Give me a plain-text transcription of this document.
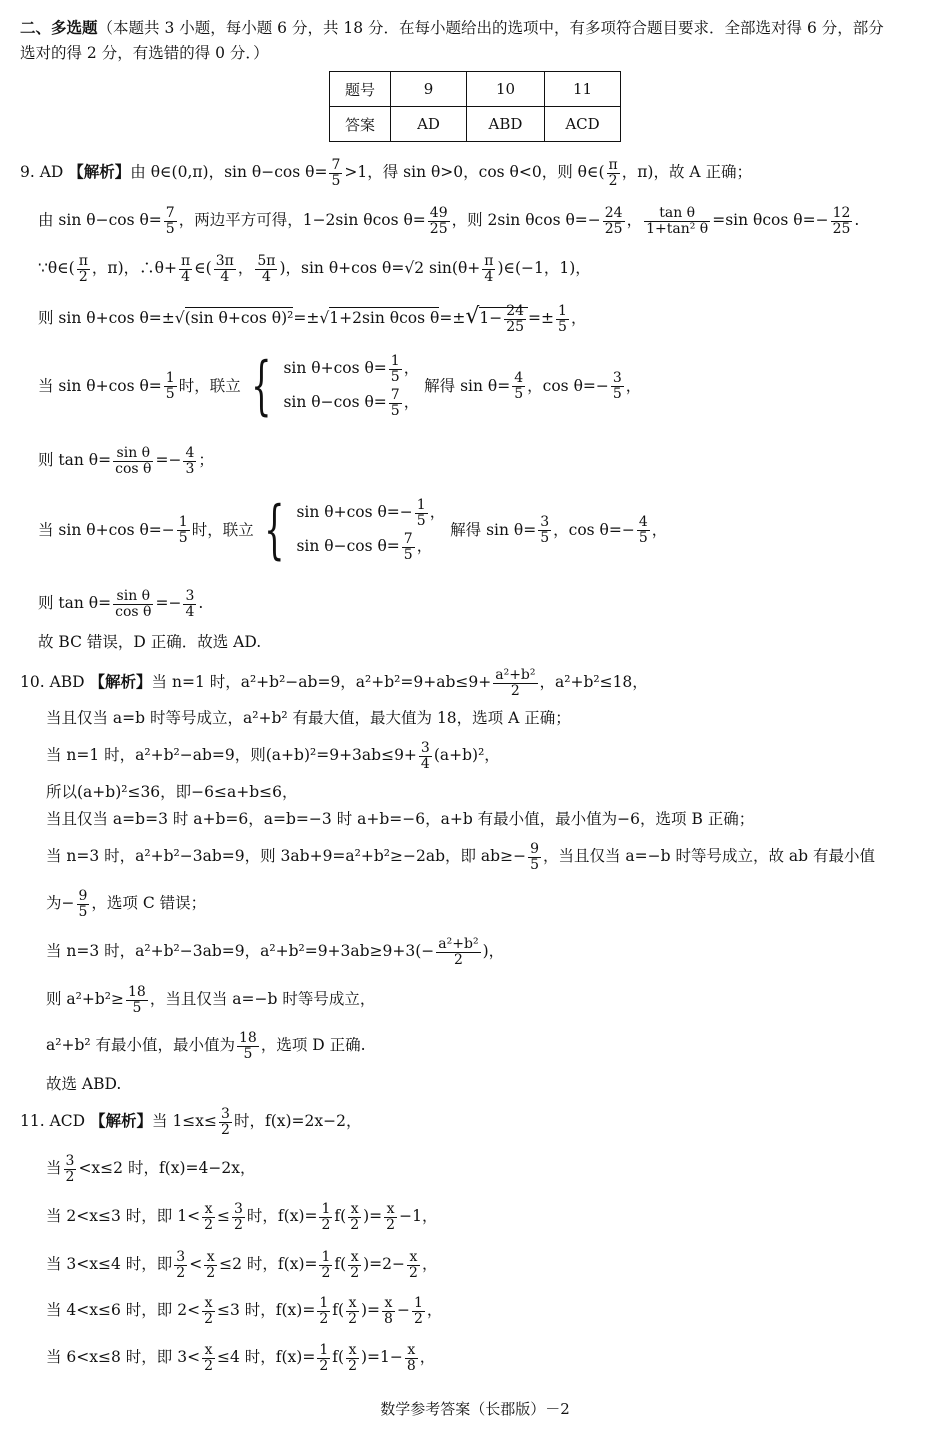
二、多选题（本题共 3 小题，每小题 6 分，共 18 分．在每小题给出的选项中，有多项符合题目要求．全部选对得 6 分，部分
选对的得 2 分，有选错的得 0 分．）
题号	9	10	11
答案	AD	ABD	ACD
9. AD 【解析】由 θ∈(0,π)，sin θ−cos $\theta= \frac{7}{5} >1$，得 sin θ>0，cos θ<0，则 θ∈( $\frac{\pi}{2}$ ，π)，故 A 正确；
由 sin θ−cos $\theta= \frac{7}{5}$ ，两边平方可得，1−2sin θcos $\theta= \frac{49}{25}$ ，则 2sin θcos $\theta=- \frac{24}{25}$ ， $\frac{\text{tan θ}}{\text{1+tan² θ}} =\sin$ θcos $\theta=- \frac{12}{25}$ .
∵θ∈( $\frac{\pi}{2}$ ，π)，∴θ+ $\frac{\pi}{4}$ ∈( $\frac{3\pi}{4}$ ， $\frac{5\pi}{4}$ )，sin θ+cos θ=√2 $\sin(\theta+ \frac{\pi}{4}$ )∈(−1，1)，
则 sin θ+cos θ=±√(sin θ+cos θ)²=±√1+2sin θcos $\theta=\pm√1- \frac{24}{25} =\pm \frac{1}{5}$ ，
当 sin θ+cos $\theta= \frac{1}{5}$ 时，联立 { sin θ+cos $\theta= \frac{1}{5}$ ，
sin θ−cos $\theta= \frac{7}{5}$ ，

解得 $\sin \theta= \frac{4}{5}$ ，$\cos \theta=- \frac{3}{5}$ ，
则 $\tan \theta= \frac{\text{sin θ}}{\text{cos θ}} =- \frac{4}{3}$ ；
当 sin θ+cos $\theta=- \frac{1}{5}$ 时，联立 { sin θ+cos $\theta=- \frac{1}{5}$ ，
sin θ−cos $\theta= \frac{7}{5}$ ，

解得 $\sin \theta= \frac{3}{5}$ ，$\cos \theta=- \frac{4}{5}$ ，
则 $\tan \theta= \frac{\text{sin θ}}{\text{cos θ}} =- \frac{3}{4}$ .
故 BC 错误，D 正确．故选 AD.
10. ABD 【解析】当 n=1 时，a²+b²−ab=9，$a^2+b^2=9+ab\le 9+ \frac{\text{a²+b²}}{2}$ ，a²+b²≤18，
当且仅当 a=b 时等号成立，a²+b² 有最大值，最大值为 18，选项 A 正确；
当 n=1 时，a²+b²−ab=9，则$(a+b)^2=9+3ab\le 9+ \frac{3}{4} (a+b)^2$，
所以(a+b)²≤36，即−6≤a+b≤6，
当且仅当 a=b=3 时 a+b=6，a=b=−3 时 a+b=−6，a+b 有最小值，最小值为−6，选项 B 正确；
当 n=3 时，a²+b²−3ab=9，则 3ab+9=a²+b²≥−2ab，即 $ab\ge- \frac{9}{5}$ ，当且仅当 a=−b 时等号成立，故 ab 有最小值
为− $\frac{9}{5}$ ，选项 C 错误；
当 n=3 时，a²+b²−3ab=9，$a^2+b^2=9+3ab\ge 9+3(- \frac{\text{a²+b²}}{2}$ )，
则 $a^2+b^2\ge \frac{18}{5}$ ，当且仅当 a=−b 时等号成立，
a²+b² 有最小值，最小值为 $\frac{18}{5}$ ，选项 D 正确.
故选 ABD.
11. ACD 【解析】当 $1\le x\le \frac{3}{2}$ 时，f(x)=2x−2，
当 $\frac{3}{2} <x\le 2$ 时，f(x)=4−2x，
当 2<x≤3 时，即 $1< \frac{x}{2} \le \frac{3}{2}$ 时，$f(x)= \frac{1}{2} f( \frac{x}{2}$ )= $\frac{x}{2} -1$，
当 3<x≤4 时，即 $\frac{3}{2} < \frac{x}{2} \le 2$ 时，$f(x)= \frac{1}{2} f( \frac{x}{2} )=2- \frac{x}{2}$ ，
当 4<x≤6 时，即 $2< \frac{x}{2} \le 3$ 时，$f(x)= \frac{1}{2} f( \frac{x}{2}$ )= $\frac{x}{8} - \frac{1}{2}$ ，
当 6<x≤8 时，即 $3< \frac{x}{2} \le 4$ 时，$f(x)= \frac{1}{2} f( \frac{x}{2} )=1- \frac{x}{8}$ ，
数学参考答案（长郡版）－2
